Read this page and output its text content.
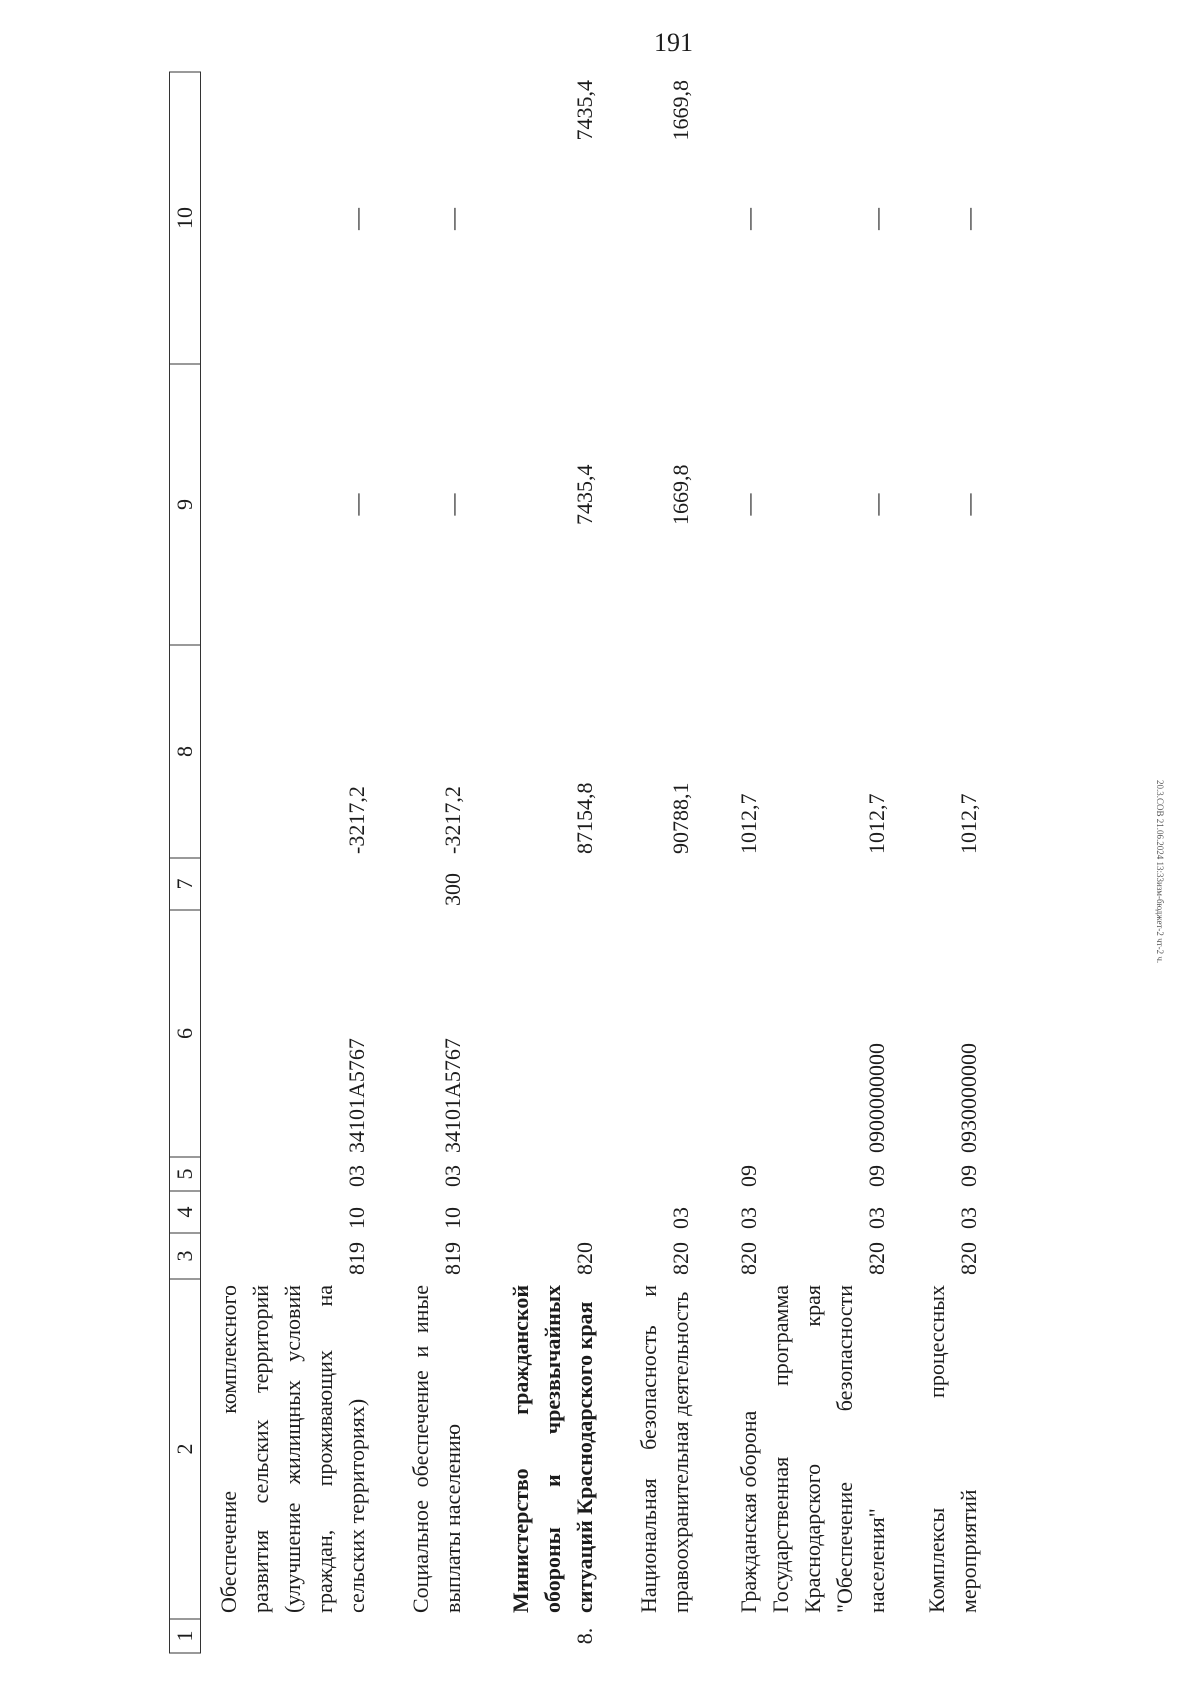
191
20.3.СОВ 21.06.2024 13:33изм-бюджет-2 чт-2 ч.
1	2	3	4	5	6	7	8	9	10
	Обеспечение комплексного развития сельских территорий (улучшение жилищных условий граждан, проживающих на сельских территориях)	819	10	03	34101A5767		-3217,2	—	—
	Социальное обеспечение и иные выплаты населению	819	10	03	34101A5767	300	-3217,2	—	—
8.	Министерство гражданской обороны и чрезвычайных ситуаций Краснодарского края	820					87154,8	7435,4	7435,4
	Национальная безопасность и правоохранительная деятельность	820	03				90788,1	1669,8	1669,8
	Гражданская оборона	820	03	09			1012,7	—	—
	Государственная программа Краснодарского края "Обеспечение безопасности населения"	820	03	09	0900000000		1012,7	—	—
	Комплексы процессных мероприятий	820	03	09	0930000000		1012,7	—	—
